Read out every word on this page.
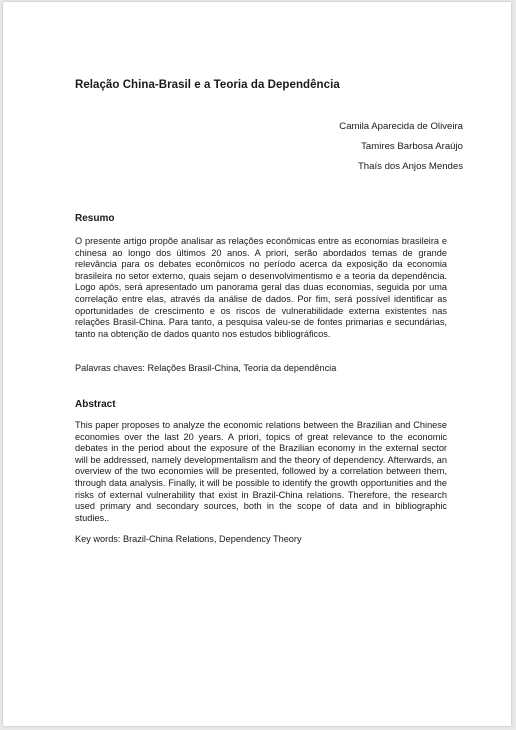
Relação China-Brasil e a Teoria da Dependência
Camila Aparecida de Oliveira
Tamires Barbosa Araújo
Thaís dos Anjos Mendes
Resumo
O presente artigo propõe analisar as relações econômicas entre as economias brasileira e chinesa ao longo dos últimos 20 anos. A priori, serão abordados temas de grande relevância para os debates econômicos no período acerca da exposição da economia brasileira no setor externo, quais sejam o desenvolvimentismo e a teoria da dependência. Logo após, será apresentado um panorama geral das duas economias, seguida por uma correlação entre elas, através da análise de dados. Por fim, será possível identificar as oportunidades de crescimento e os riscos de vulnerabilidade externa existentes nas relações Brasil-China. Para tanto, a pesquisa valeu-se de fontes primarias e secundárias, tanto na obtenção de dados quanto nos estudos bibliográficos.
Palavras chaves: Relações Brasil-China, Teoria da dependência
Abstract
This paper proposes to analyze the economic relations between the Brazilian and Chinese economies over the last 20 years. A priori, topics of great relevance to the economic debates in the period about the exposure of the Brazilian economy in the external sector will be addressed, namely developmentalism and the theory of dependency. Afterwards, an overview of the two economies will be presented, followed by a correlation between them, through data analysis. Finally, it will be possible to identify the growth opportunities and the risks of external vulnerability that exist in Brazil-China relations. Therefore, the research used primary and secondary sources, both in the scope of data and in bibliographic studies..
Key words: Brazil-China Relations, Dependency Theory
